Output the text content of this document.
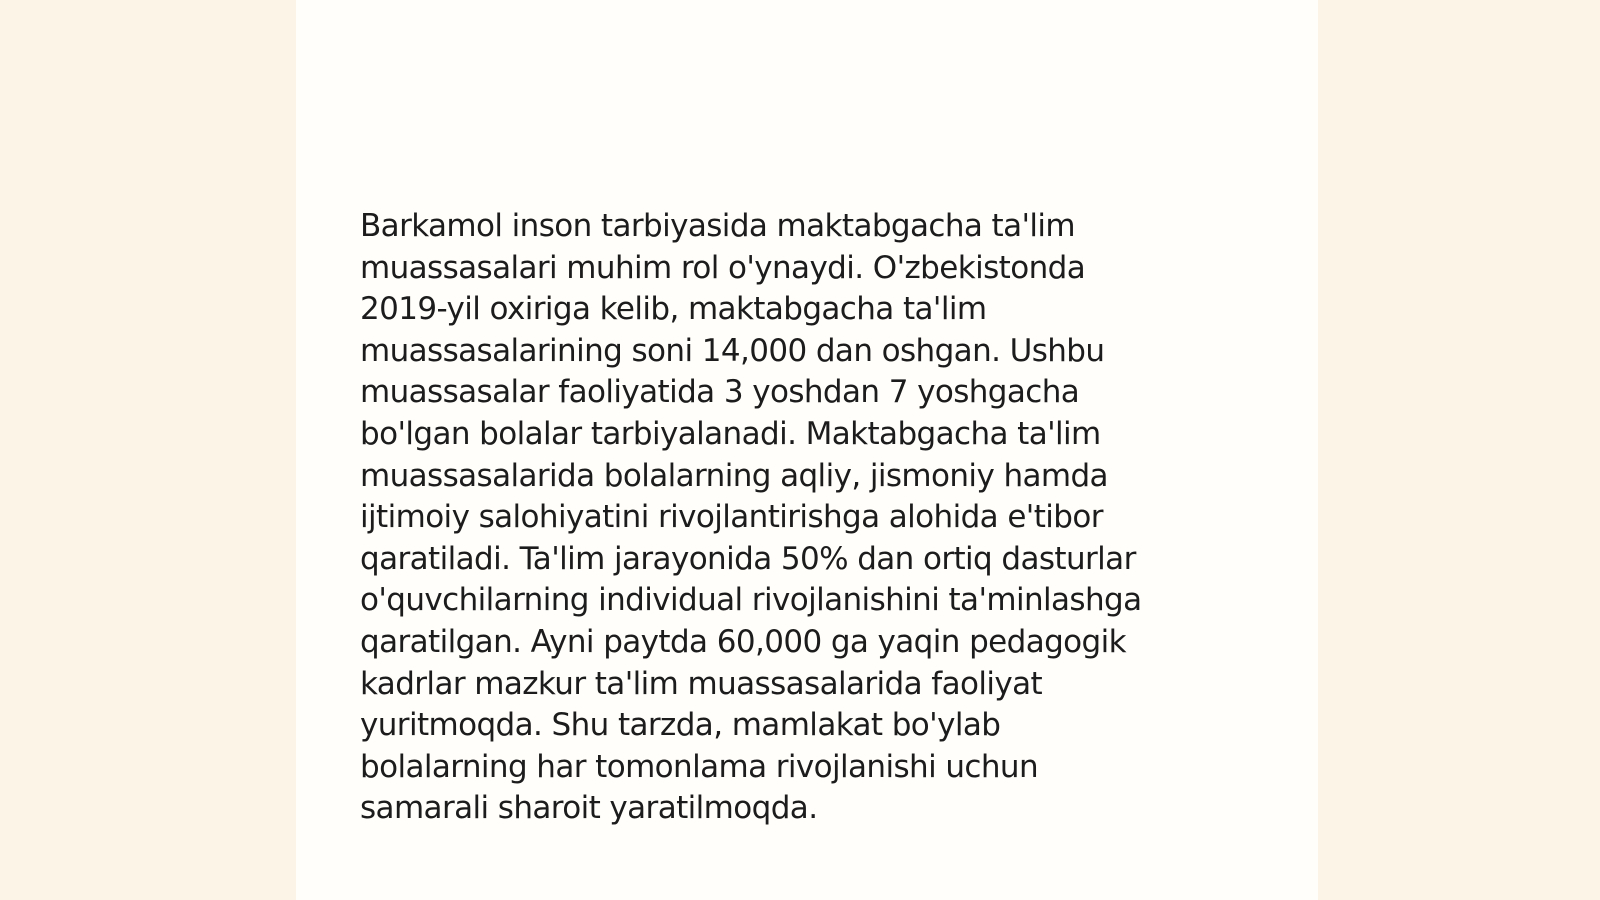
Barkamol inson tarbiyasida maktabgacha ta'lim
muassasalari muhim rol o'ynaydi. O'zbekistonda
2019-yil oxiriga kelib, maktabgacha ta'lim
muassasalarining soni 14,000 dan oshgan. Ushbu
muassasalar faoliyatida 3 yoshdan 7 yoshgacha
bo'lgan bolalar tarbiyalanadi. Maktabgacha ta'lim
muassasalarida bolalarning aqliy, jismoniy hamda
ijtimoiy salohiyatini rivojlantirishga alohida e'tibor
qaratiladi. Ta'lim jarayonida 50% dan ortiq dasturlar
o'quvchilarning individual rivojlanishini ta'minlashga
qaratilgan. Ayni paytda 60,000 ga yaqin pedagogik
kadrlar mazkur ta'lim muassasalarida faoliyat
yuritmoqda. Shu tarzda, mamlakat bo'ylab
bolalarning har tomonlama rivojlanishi uchun
samarali sharoit yaratilmoqda.
